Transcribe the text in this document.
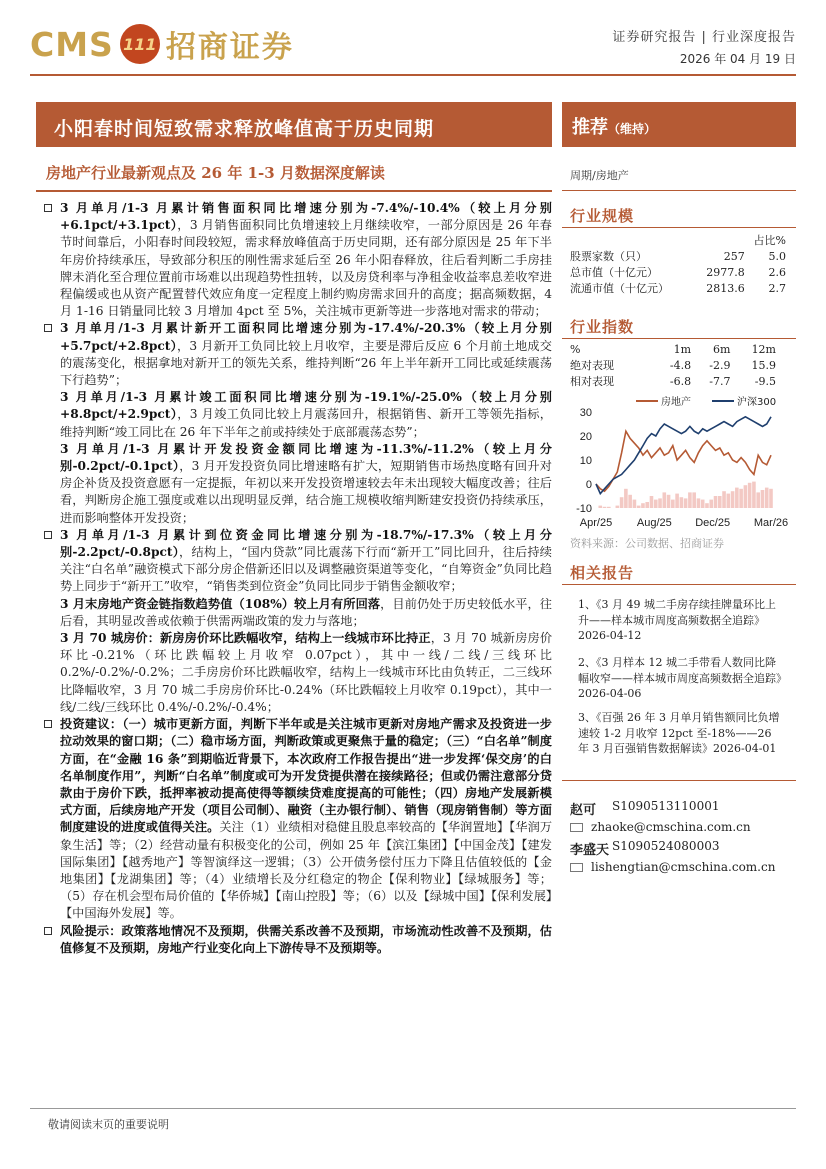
CMS 111 招商证券	证券研究报告 | 行业深度报告
2026 年 04 月 19 日
小阳春时间短致需求释放峰值高于历史同期
房地产行业最新观点及 26 年 1-3 月数据深度解读
3 月单月/1-3 月累计销售面积同比增速分别为-7.4%/-10.4%（较上月分别+6.1pct/+3.1pct），3 月销售面积同比负增速较上月继续收窄，一部分原因是 26 年春节时间靠后，小阳春时间段较短，需求释放峰值高于历史同期，还有部分原因是 25 年下半年房价持续承压，导致部分积压的刚性需求延后至 26 年小阳春释放，往后看判断二手房挂牌未消化至合理位置前市场难以出现趋势性扭转，以及房贷利率与净租金收益率息差收窄进程偏缓或也从资产配置替代效应角度一定程度上制约购房需求回升的高度；据高频数据，4 月 1-16 日销量同比较 3 月增加 4pct 至 5%，关注城市更新等进一步落地对需求的带动；
3 月单月/1-3 月累计新开工面积同比增速分别为-17.4%/-20.3%（较上月分别+5.7pct/+2.8pct），3 月新开工负同比较上月收窄，主要是滞后反应 6 个月前土地成交的震荡变化，根据拿地对新开工的领先关系，维持判断“26 年上半年新开工同比或延续震荡下行趋势”；
3 月单月/1-3 月累计竣工面积同比增速分别为-19.1%/-25.0%（较上月分别+8.8pct/+2.9pct），3 月竣工负同比较上月震荡回升，根据销售、新开工等领先指标，维持判断“竣工同比在 26 年下半年之前或持续处于底部震荡态势”；
3 月单月/1-3 月累计开发投资金额同比增速为-11.3%/-11.2%（较上月分别-0.2pct/-0.1pct），3 月开发投资负同比增速略有扩大，短期销售市场热度略有回升对房企补货及投资意愿有一定提振，年初以来开发投资增速较去年未出现较大幅度改善；往后看，判断房企施工强度或难以出现明显反弹，结合施工规模收缩判断建安投资仍持续承压，进而影响整体开发投资；
3 月单月/1-3 月累计到位资金同比增速分别为-18.7%/-17.3%（较上月分别-2.2pct/-0.8pct），结构上，“国内贷款”同比震荡下行而“新开工”同比回升，往后持续关注“白名单”融资模式下部分房企借新还旧以及调整融资渠道等变化，“自筹资金”负同比趋势上同步于“新开工”收窄，“销售类到位资金”负同比同步于销售金额收窄；
3 月末房地产资金链指数趋势值（108%）较上月有所回落，目前仍处于历史较低水平，往后看，其明显改善或依赖于供需两端政策的发力与落地；
3 月 70 城房价：新房房价环比跌幅收窄，结构上一线城市环比持正，3 月 70 城新房房价环比-0.21%（环比跌幅较上月收窄 0.07pct），其中一线/二线/三线环比 0.2%/-0.2%/-0.2%；二手房房价环比跌幅收窄，结构上一线城市环比由负转正，二三线环比降幅收窄，3 月 70 城二手房房价环比-0.24%（环比跌幅较上月收窄 0.19pct），其中一线/二线/三线环比 0.4%/-0.2%/-0.4%；
投资建议：（一）城市更新方面，判断下半年或是关注城市更新对房地产需求及投资进一步拉动效果的窗口期；（二）稳市场方面，判断政策或更聚焦于量的稳定；（三）“白名单”制度方面，在“金融 16 条”到期临近背景下，本次政府工作报告提出“进一步发挥‘保交房’的白名单制度作用”，判断“白名单”制度或可为开发贷提供潜在接续路径；但或仍需注意部分贷款由于房价下跌，抵押率被动提高使得等额续贷难度提高的可能性；（四）房地产发展新模式方面，后续房地产开发（项目公司制）、融资（主办银行制）、销售（现房销售制）等方面制度建设的进度或值得关注。关注（1）业绩相对稳健且股息率较高的【华润置地】【华润万象生活】等；（2）经营动量有积极变化的公司，例如 25 年【滨江集团】【中国金茂】【建发国际集团】【越秀地产】等智演绎这一逻辑；（3）公开债务偿付压力下降且估值较低的【金地集团】【龙湖集团】等；（4）业绩增长及分红稳定的物企【保利物业】【绿城服务】等；（5）存在机会型布局价值的【华侨城】【南山控股】等；（6）以及【绿城中国】【保利发展】【中国海外发展】等。
风险提示：政策落地情况不及预期，供需关系改善不及预期，市场流动性改善不及预期，估值修复不及预期，房地产行业变化向上下游传导不及预期等。
推荐（维持）
周期/房地产
行业规模
		占比%
股票家数（只）	257	5.0
总市值（十亿元）	2977.8	2.6
流通市值（十亿元）	2813.6	2.7
行业指数
%	1m	6m	12m
绝对表现	-4.8	-2.9	15.9
相对表现	-6.8	-7.7	-9.5
-10
0
10
20
30
Apr/25 Aug/25 Dec/25 Mar/26
房地产	沪深300
资料来源：公司数据、招商证券
相关报告
1、《3 月 49 城二手房存续挂牌量环比上升——样本城市周度高频数据全追踪》2026-04-12
2、《3 月样本 12 城二手带看人数同比降幅收窄——样本城市周度高频数据全追踪》2026-04-06
3、《百强 26 年 3 月单月销售额同比负增速较 1-2 月收窄 12pct 至-18%——26 年 3 月百强销售数据解读》2026-04-01
赵可 S1090513110001
zhaoke@cmschina.com.cn
李盛天 S1090524080003
lishengtian@cmschina.com.cn
敬请阅读末页的重要说明
